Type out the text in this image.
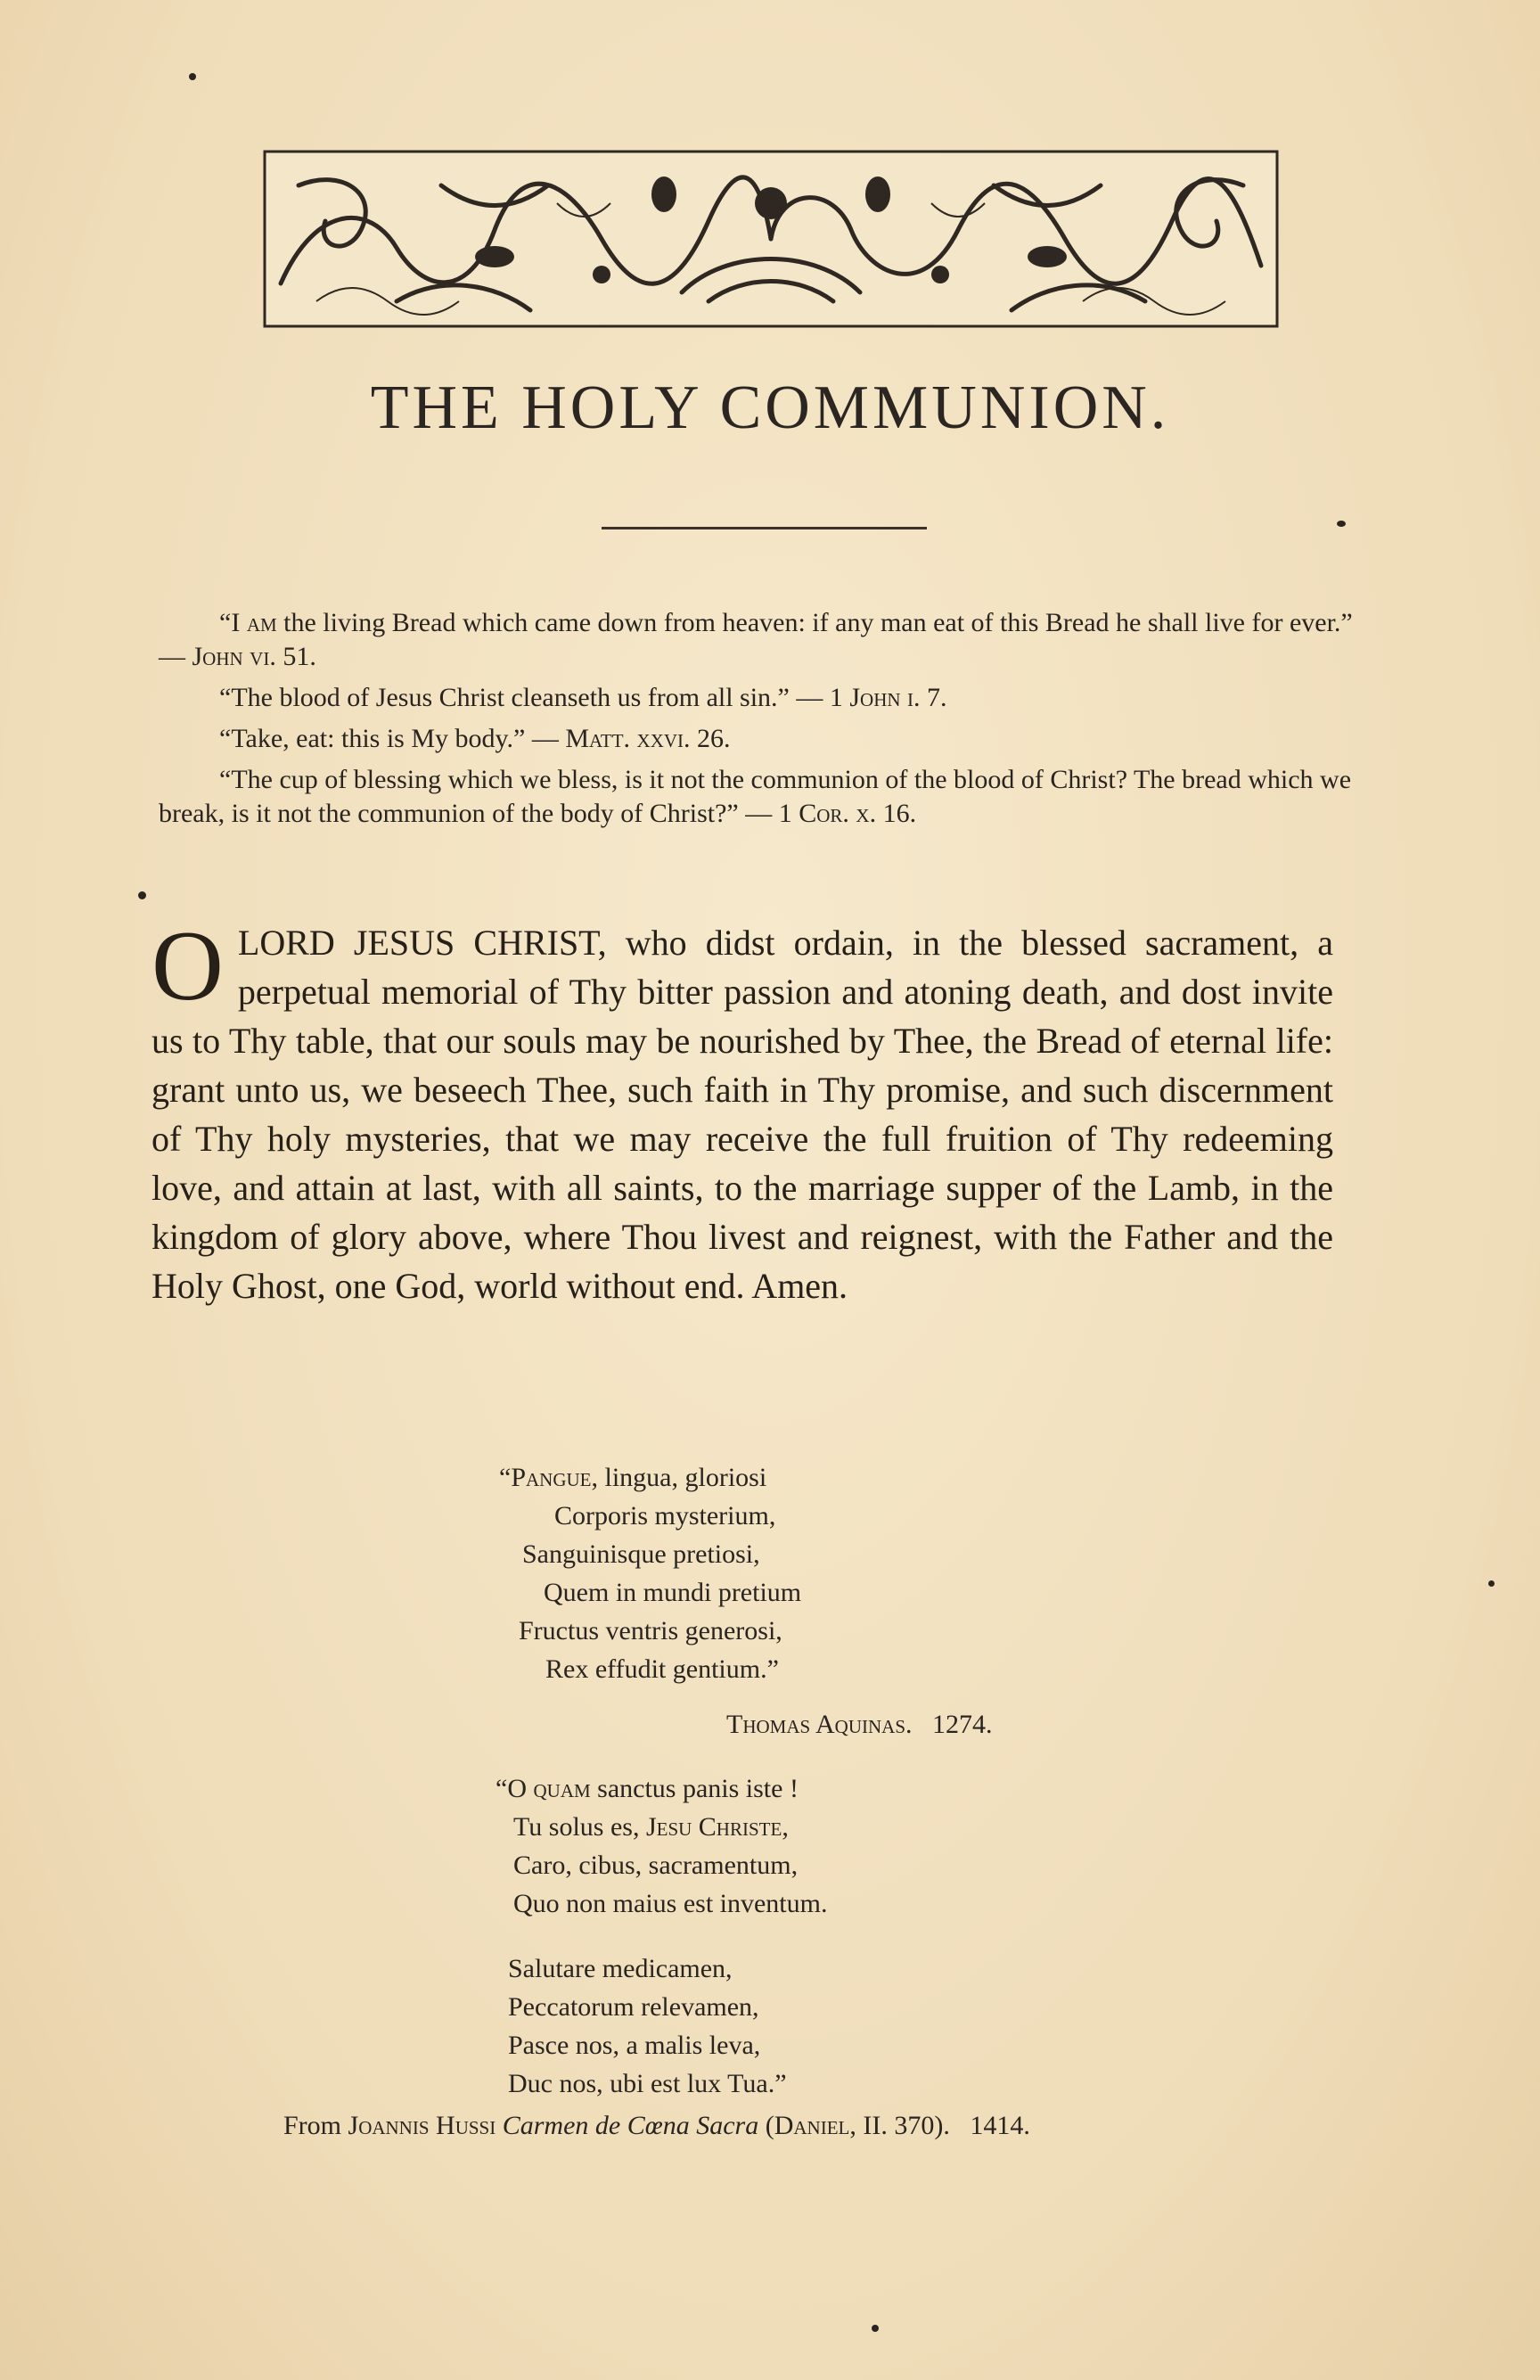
THE HOLY COMMUNION.

“I am the living Bread which came down from heaven: if any man eat of this Bread he shall live for ever.” — John vi. 51.

“The blood of Jesus Christ cleanseth us from all sin.” — 1 John i. 7.

“Take, eat: this is My body.” — Matt. xxvi. 26.

“The cup of blessing which we bless, is it not the communion of the blood of Christ? The bread which we break, is it not the communion of the body of Christ?” — 1 Cor. x. 16.

OLORD JESUS CHRIST, who didst ordain, in the blessed sacrament, a perpetual memorial of Thy bitter passion and atoning death, and dost invite us to Thy table, that our souls may be nourished by Thee, the Bread of eternal life: grant unto us, we beseech Thee, such faith in Thy promise, and such discernment of Thy holy mysteries, that we may receive the full fruition of Thy redeeming love, and attain at last, with all saints, to the marriage supper of the Lamb, in the kingdom of glory above, where Thou livest and reignest, with the Father and the Holy Ghost, one God, world without end. Amen.
“Pangue, lingua, gloriosi
Corporis mysterium,
Sanguinisque pretiosi,
Quem in mundi pretium
Fructus ventris generosi,
Rex effudit gentium.”
Thomas Aquinas. 1274.
“O quam sanctus panis iste !
Tu solus es, Jesu Christe,
Caro, cibus, sacramentum,
Quo non maius est inventum.
Salutare medicamen,
Peccatorum relevamen,
Pasce nos, a malis leva,
Duc nos, ubi est lux Tua.”
From Joannis Hussi Carmen de Cœna Sacra (Daniel, II. 370). 1414.
